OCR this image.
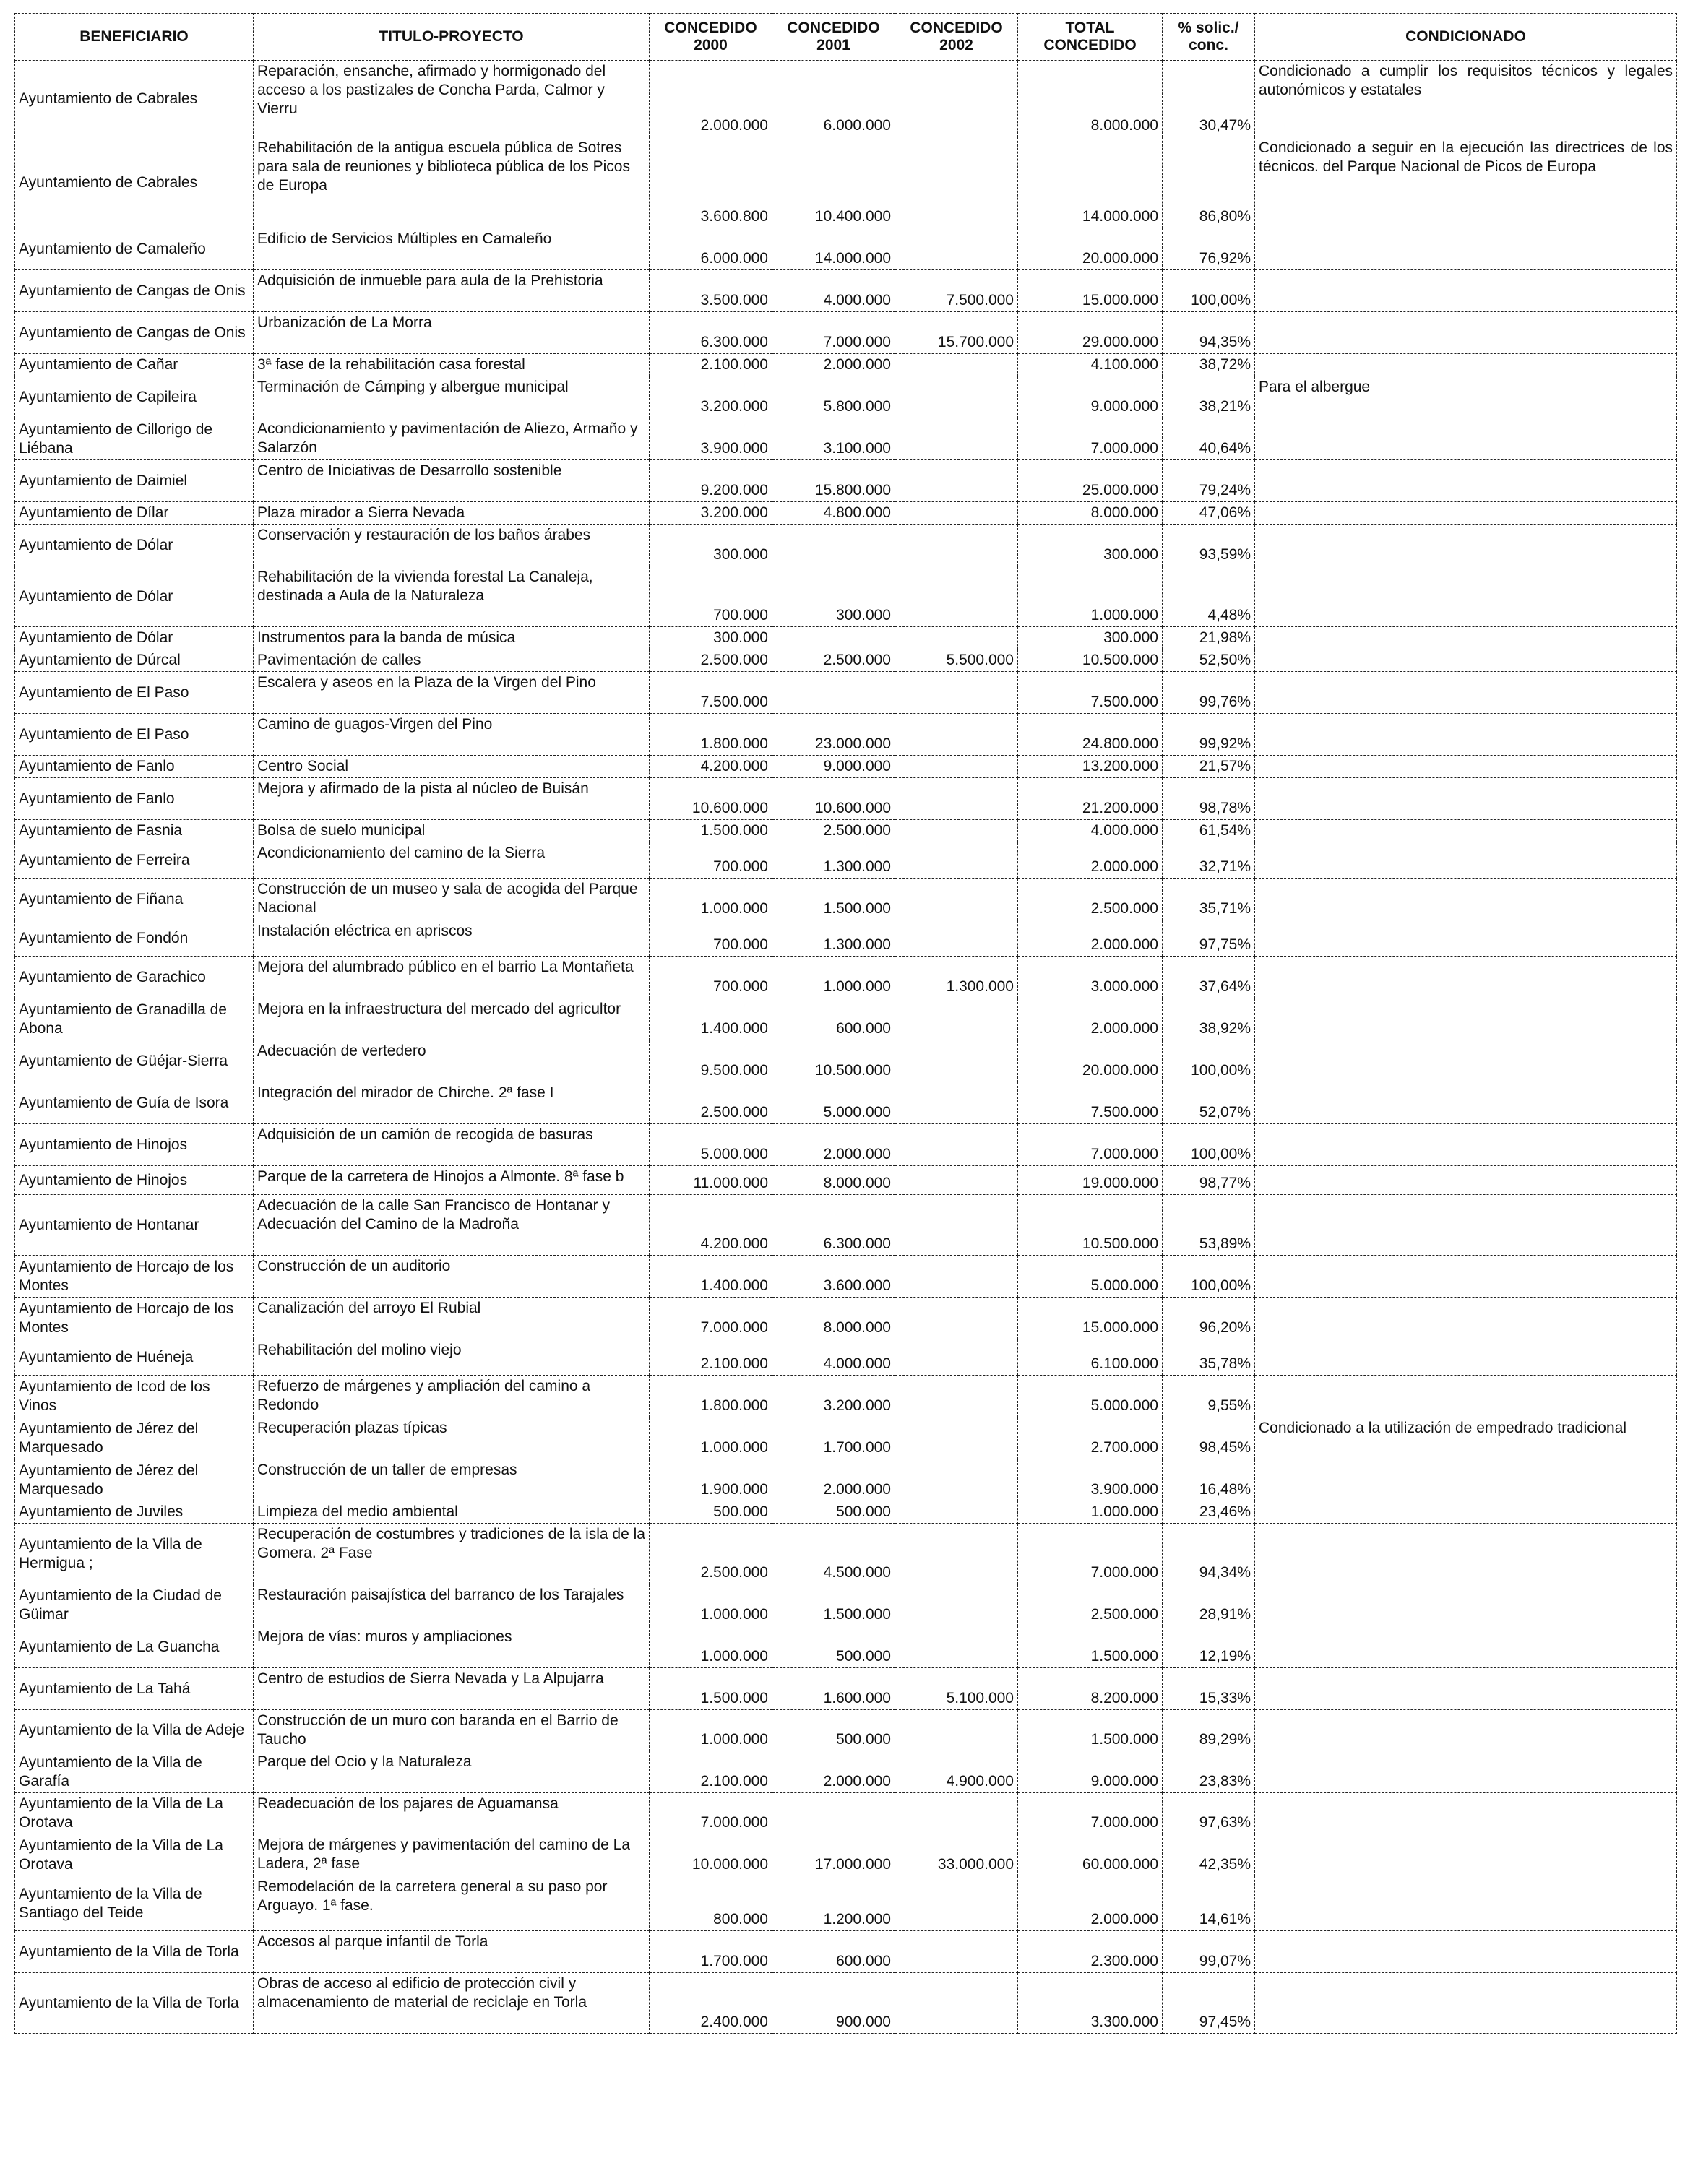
BENEFICIARIO	TITULO-PROYECTO	CONCEDIDO 2000	CONCEDIDO 2001	CONCEDIDO 2002	TOTAL CONCEDIDO	% solic./ conc.	CONDICIONADO
Ayuntamiento de Cabrales	Reparación, ensanche, afirmado y hormigonado del acceso a los pastizales de Concha Parda, Calmor y Vierru	2.000.000	6.000.000		8.000.000	30,47%	Condicionado a cumplir los requisitos técnicos y legales autonómicos y estatales
Ayuntamiento de Cabrales	Rehabilitación de la antigua escuela pública de Sotres para sala de reuniones y biblioteca pública de los Picos de Europa	3.600.800	10.400.000		14.000.000	86,80%	Condicionado a seguir en la ejecución las directrices de los técnicos. del Parque Nacional de Picos de Europa
Ayuntamiento de Camaleño	Edificio de Servicios Múltiples en Camaleño	6.000.000	14.000.000		20.000.000	76,92%	
Ayuntamiento de Cangas de Onis	Adquisición de inmueble para aula de la Prehistoria	3.500.000	4.000.000	7.500.000	15.000.000	100,00%	
Ayuntamiento de Cangas de Onis	Urbanización de La Morra	6.300.000	7.000.000	15.700.000	29.000.000	94,35%	
Ayuntamiento de Cañar	3ª fase de la rehabilitación casa forestal	2.100.000	2.000.000		4.100.000	38,72%	
Ayuntamiento de Capileira	Terminación de Cámping y albergue municipal	3.200.000	5.800.000		9.000.000	38,21%	Para el albergue
Ayuntamiento de Cillorigo de Liébana	Acondicionamiento y pavimentación de Aliezo, Armaño y Salarzón	3.900.000	3.100.000		7.000.000	40,64%	
Ayuntamiento de Daimiel	Centro de Iniciativas de Desarrollo sostenible	9.200.000	15.800.000		25.000.000	79,24%	
Ayuntamiento de Dílar	Plaza mirador a Sierra Nevada	3.200.000	4.800.000		8.000.000	47,06%	
Ayuntamiento de Dólar	Conservación y restauración de los baños árabes	300.000			300.000	93,59%	
Ayuntamiento de Dólar	Rehabilitación de la vivienda forestal La Canaleja, destinada a Aula de la Naturaleza	700.000	300.000		1.000.000	4,48%	
Ayuntamiento de Dólar	Instrumentos para la banda de música	300.000			300.000	21,98%	
Ayuntamiento de Dúrcal	Pavimentación de calles	2.500.000	2.500.000	5.500.000	10.500.000	52,50%	
Ayuntamiento de El Paso	Escalera y aseos en la Plaza de la Virgen del Pino	7.500.000			7.500.000	99,76%	
Ayuntamiento de El Paso	Camino de guagos-Virgen del Pino	1.800.000	23.000.000		24.800.000	99,92%	
Ayuntamiento de Fanlo	Centro Social	4.200.000	9.000.000		13.200.000	21,57%	
Ayuntamiento de Fanlo	Mejora y afirmado de la pista al núcleo de Buisán	10.600.000	10.600.000		21.200.000	98,78%	
Ayuntamiento de Fasnia	Bolsa de suelo municipal	1.500.000	2.500.000		4.000.000	61,54%	
Ayuntamiento de Ferreira	Acondicionamiento del camino de la Sierra	700.000	1.300.000		2.000.000	32,71%	
Ayuntamiento de Fiñana	Construcción de un museo y sala de acogida del Parque Nacional	1.000.000	1.500.000		2.500.000	35,71%	
Ayuntamiento de Fondón	Instalación eléctrica en apriscos	700.000	1.300.000		2.000.000	97,75%	
Ayuntamiento de Garachico	Mejora del alumbrado público en el barrio La Montañeta	700.000	1.000.000	1.300.000	3.000.000	37,64%	
Ayuntamiento de Granadilla de Abona	Mejora en la infraestructura del mercado del agricultor	1.400.000	600.000		2.000.000	38,92%	
Ayuntamiento de Güéjar-Sierra	Adecuación de vertedero	9.500.000	10.500.000		20.000.000	100,00%	
Ayuntamiento de Guía de Isora	Integración del mirador de Chirche. 2ª fase I	2.500.000	5.000.000		7.500.000	52,07%	
Ayuntamiento de Hinojos	Adquisición de un camión de recogida de basuras	5.000.000	2.000.000		7.000.000	100,00%	
Ayuntamiento de Hinojos	Parque de la carretera de Hinojos a Almonte. 8ª fase b	11.000.000	8.000.000		19.000.000	98,77%	
Ayuntamiento de Hontanar	Adecuación de la calle San Francisco de Hontanar y Adecuación del Camino de la Madroña	4.200.000	6.300.000		10.500.000	53,89%	
Ayuntamiento de Horcajo de los Montes	Construcción de un auditorio	1.400.000	3.600.000		5.000.000	100,00%	
Ayuntamiento de Horcajo de los Montes	Canalización del arroyo El Rubial	7.000.000	8.000.000		15.000.000	96,20%	
Ayuntamiento de Huéneja	Rehabilitación del molino viejo	2.100.000	4.000.000		6.100.000	35,78%	
Ayuntamiento de Icod de los Vinos	Refuerzo de márgenes y ampliación del camino a Redondo	1.800.000	3.200.000		5.000.000	9,55%	
Ayuntamiento de Jérez del Marquesado	Recuperación plazas típicas	1.000.000	1.700.000		2.700.000	98,45%	Condicionado a la utilización de empedrado tradicional
Ayuntamiento de Jérez del Marquesado	Construcción de un taller de empresas	1.900.000	2.000.000		3.900.000	16,48%	
Ayuntamiento de Juviles	Limpieza del medio ambiental	500.000	500.000		1.000.000	23,46%	
Ayuntamiento de la Villa de Hermigua ;	Recuperación de costumbres y tradiciones de la isla de la Gomera. 2ª Fase	2.500.000	4.500.000		7.000.000	94,34%	
Ayuntamiento de la Ciudad de Güimar	Restauración paisajística del barranco de los Tarajales	1.000.000	1.500.000		2.500.000	28,91%	
Ayuntamiento de La Guancha	Mejora de vías: muros y ampliaciones	1.000.000	500.000		1.500.000	12,19%	
Ayuntamiento de La Tahá	Centro de estudios de Sierra Nevada y La Alpujarra	1.500.000	1.600.000	5.100.000	8.200.000	15,33%	
Ayuntamiento de la Villa de Adeje	Construcción de un muro con baranda en el Barrio de Taucho	1.000.000	500.000		1.500.000	89,29%	
Ayuntamiento de la Villa de Garafía	Parque del Ocio y la Naturaleza	2.100.000	2.000.000	4.900.000	9.000.000	23,83%	
Ayuntamiento de la Villa de La Orotava	Readecuación de los pajares de Aguamansa	7.000.000			7.000.000	97,63%	
Ayuntamiento de la Villa de La Orotava	Mejora de márgenes y pavimentación del camino de La Ladera, 2ª fase	10.000.000	17.000.000	33.000.000	60.000.000	42,35%	
Ayuntamiento de la Villa de Santiago del Teide	Remodelación de la carretera general a su paso por Arguayo. 1ª fase.	800.000	1.200.000		2.000.000	14,61%	
Ayuntamiento de la Villa de Torla	Accesos al parque infantil de Torla	1.700.000	600.000		2.300.000	99,07%	
Ayuntamiento de la Villa de Torla	Obras de acceso al edificio de protección civil y almacenamiento de material de reciclaje en Torla	2.400.000	900.000		3.300.000	97,45%	
